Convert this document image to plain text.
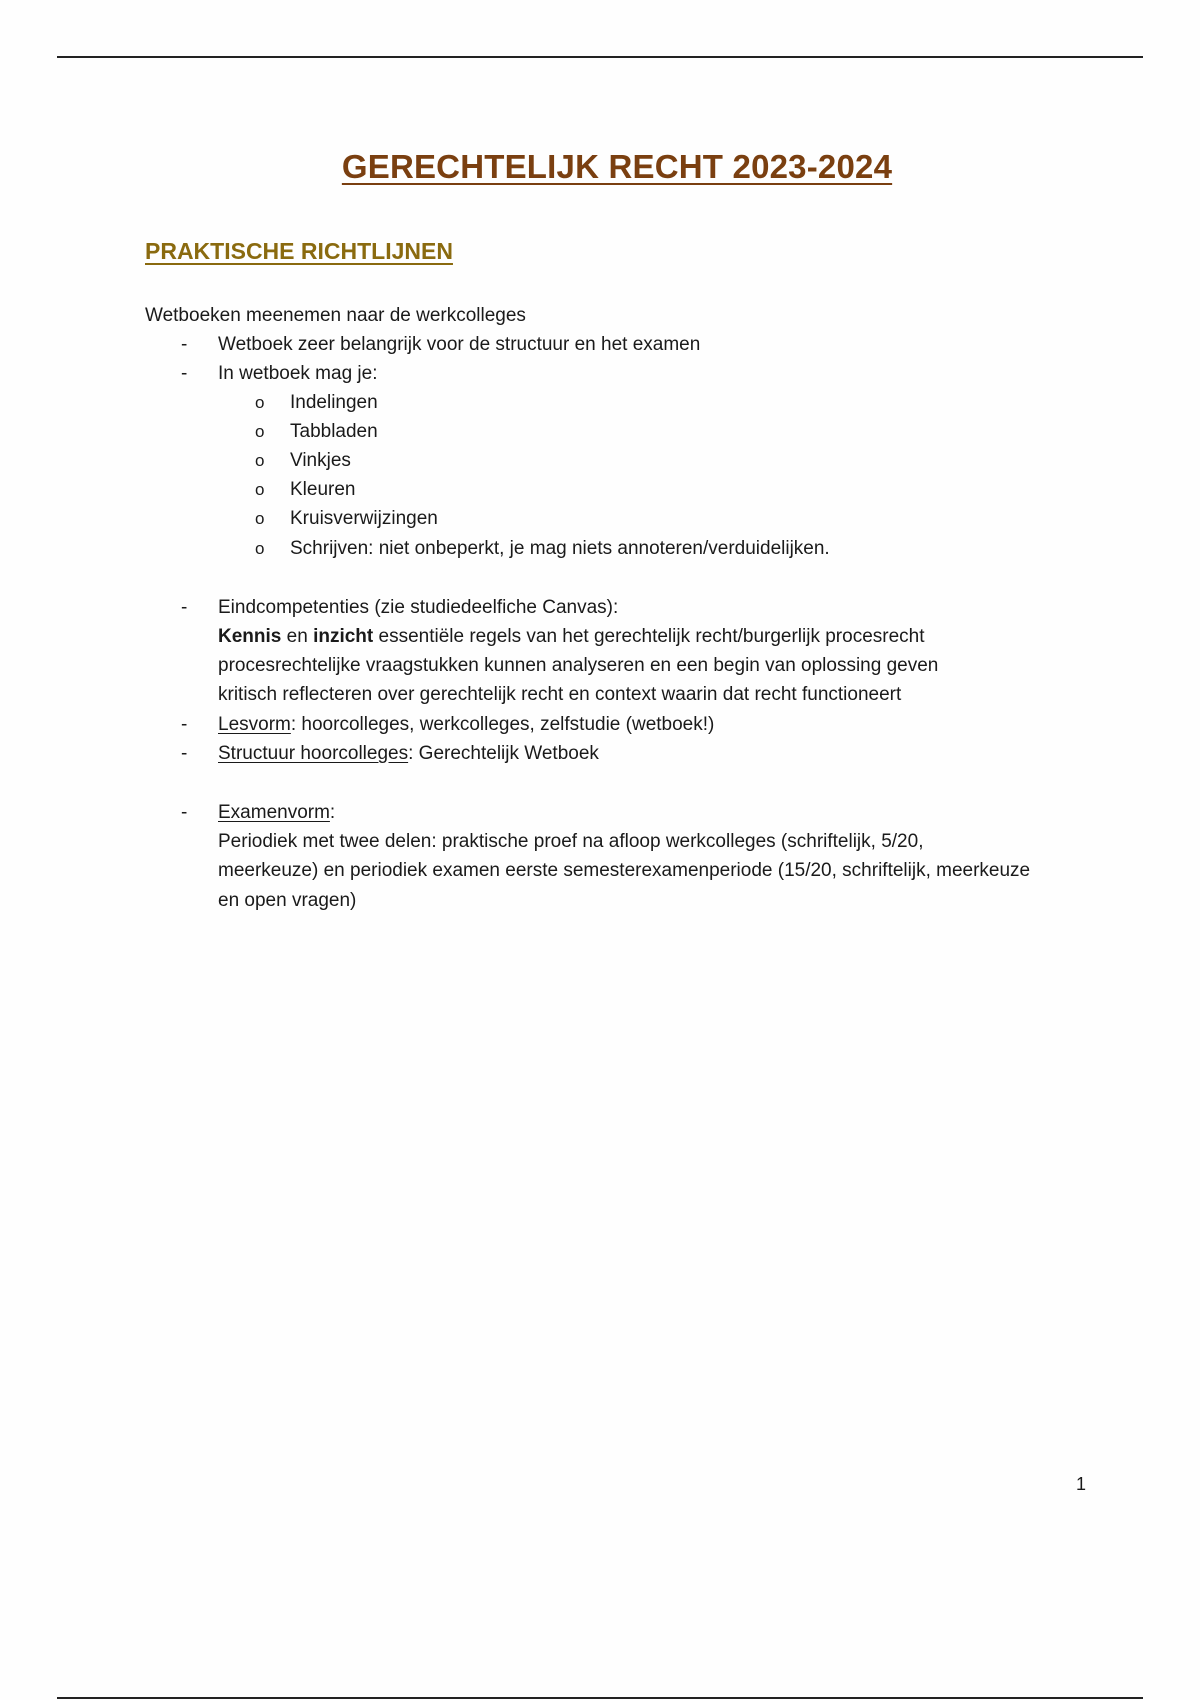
GERECHTELIJK RECHT 2023-2024
PRAKTISCHE RICHTLIJNEN
Wetboeken meenemen naar de werkcolleges
- Wetboek zeer belangrijk voor de structuur en het examen
- In wetboek mag je:
o Indelingen
o Tabbladen
o Vinkjes
o Kleuren
o Kruisverwijzingen
o Schrijven: niet onbeperkt, je mag niets annoteren/verduidelijken.
- Eindcompetenties (zie studiedeelfiche Canvas):
Kennis en inzicht essentiële regels van het gerechtelijk recht/burgerlijk procesrecht
procesrechtelijke vraagstukken kunnen analyseren en een begin van oplossing geven
kritisch reflecteren over gerechtelijk recht en context waarin dat recht functioneert
- Lesvorm: hoorcolleges, werkcolleges, zelfstudie (wetboek!)
- Structuur hoorcolleges: Gerechtelijk Wetboek
- Examenvorm:
Periodiek met twee delen: praktische proef na afloop werkcolleges (schriftelijk, 5/20,
meerkeuze) en periodiek examen eerste semesterexamenperiode (15/20, schriftelijk, meerkeuze
en open vragen)
1
